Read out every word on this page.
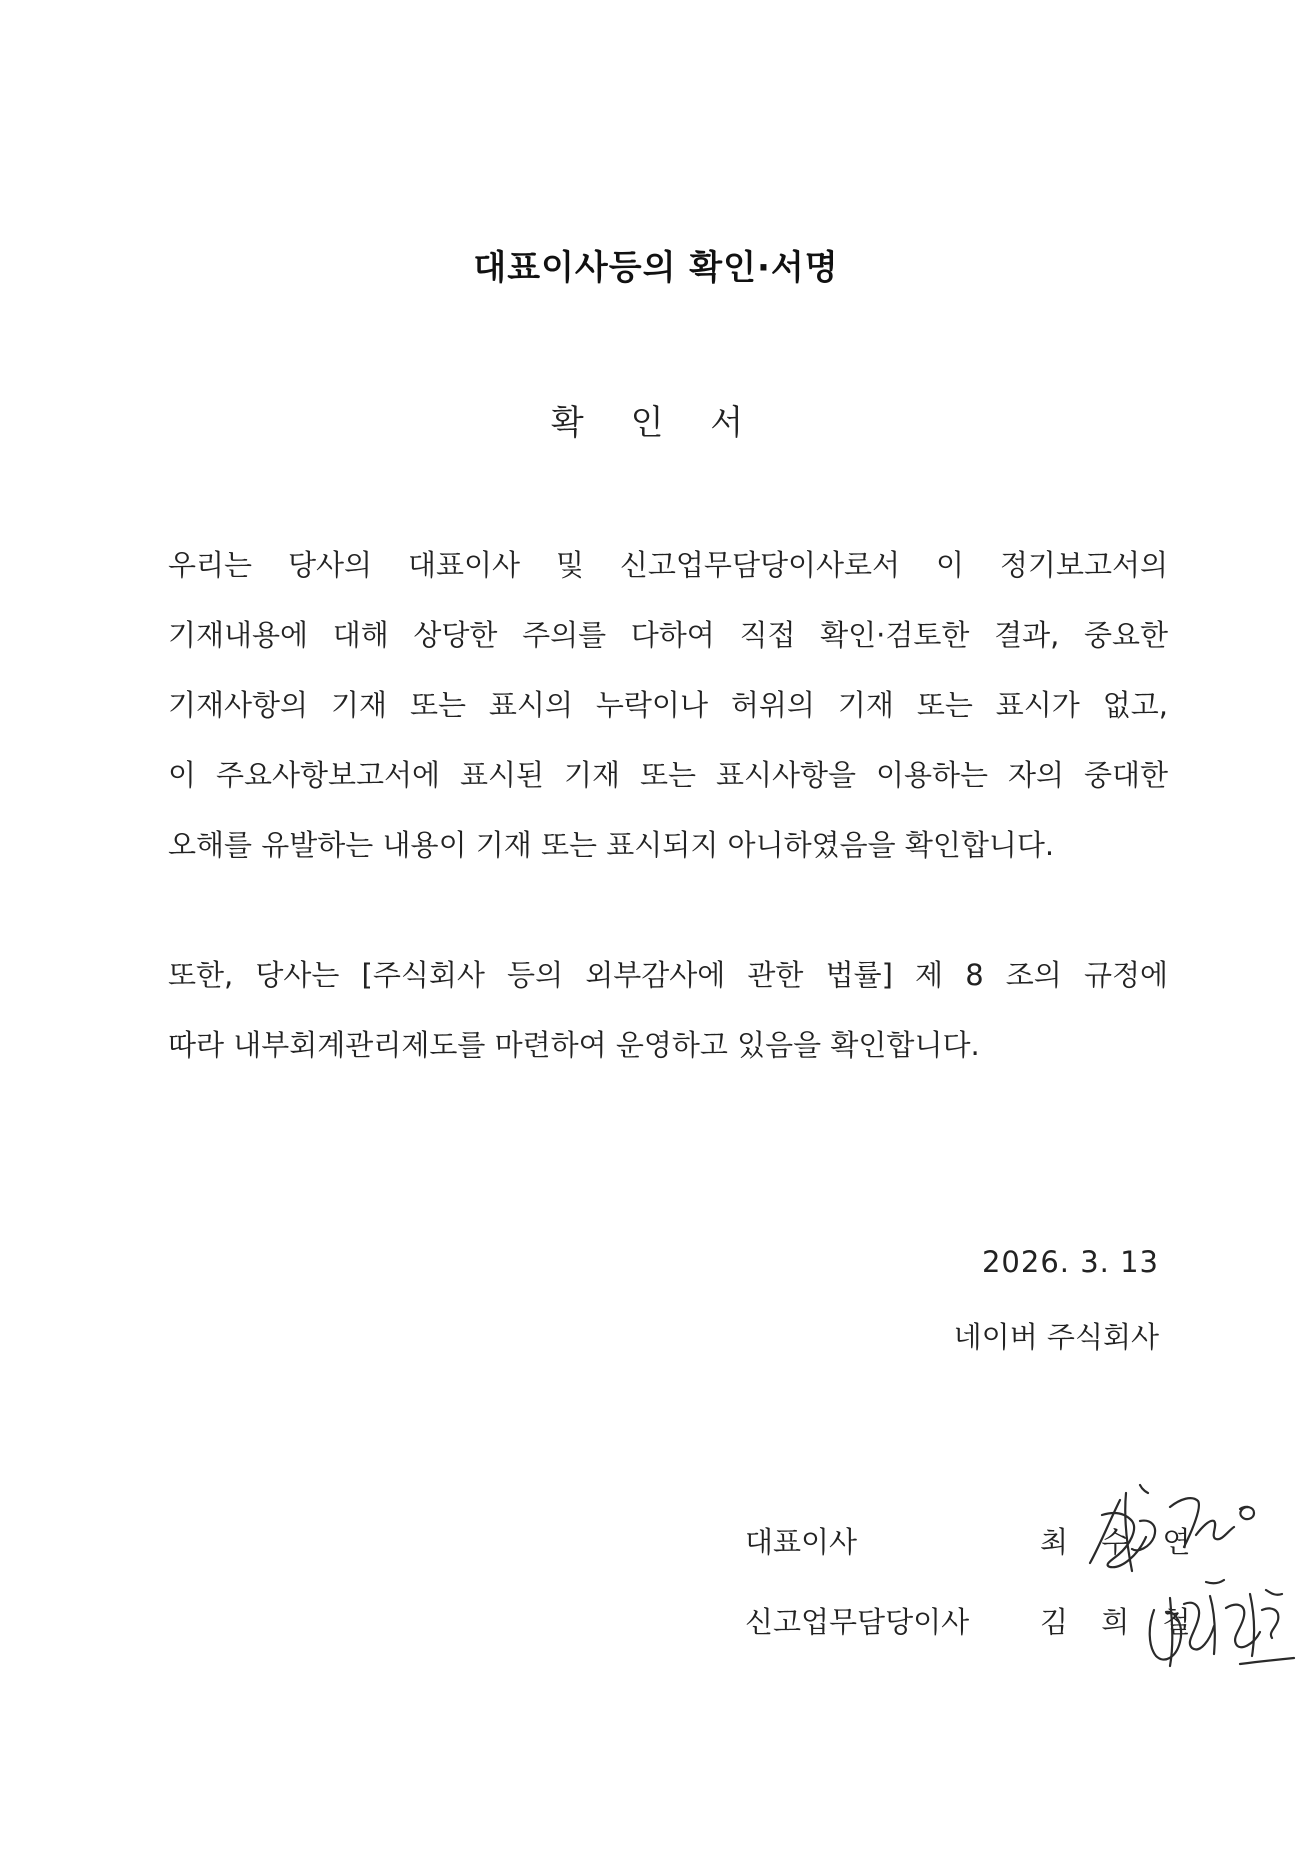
대표이사등의 확인·서명
확 인 서
우리는 당사의 대표이사 및 신고업무담당이사로서 이 정기보고서의
기재내용에 대해 상당한 주의를 다하여 직접 확인·검토한 결과, 중요한
기재사항의 기재 또는 표시의 누락이나 허위의 기재 또는 표시가 없고,
이 주요사항보고서에 표시된 기재 또는 표시사항을 이용하는 자의 중대한
오해를 유발하는 내용이 기재 또는 표시되지 아니하였음을 확인합니다.
또한, 당사는 [주식회사 등의 외부감사에 관한 법률] 제 8 조의 규정에
따라 내부회계관리제도를 마련하여 운영하고 있음을 확인합니다.
2026. 3. 13
네이버 주식회사
대표이사	최 수 연
신고업무담당이사 김 희 철
